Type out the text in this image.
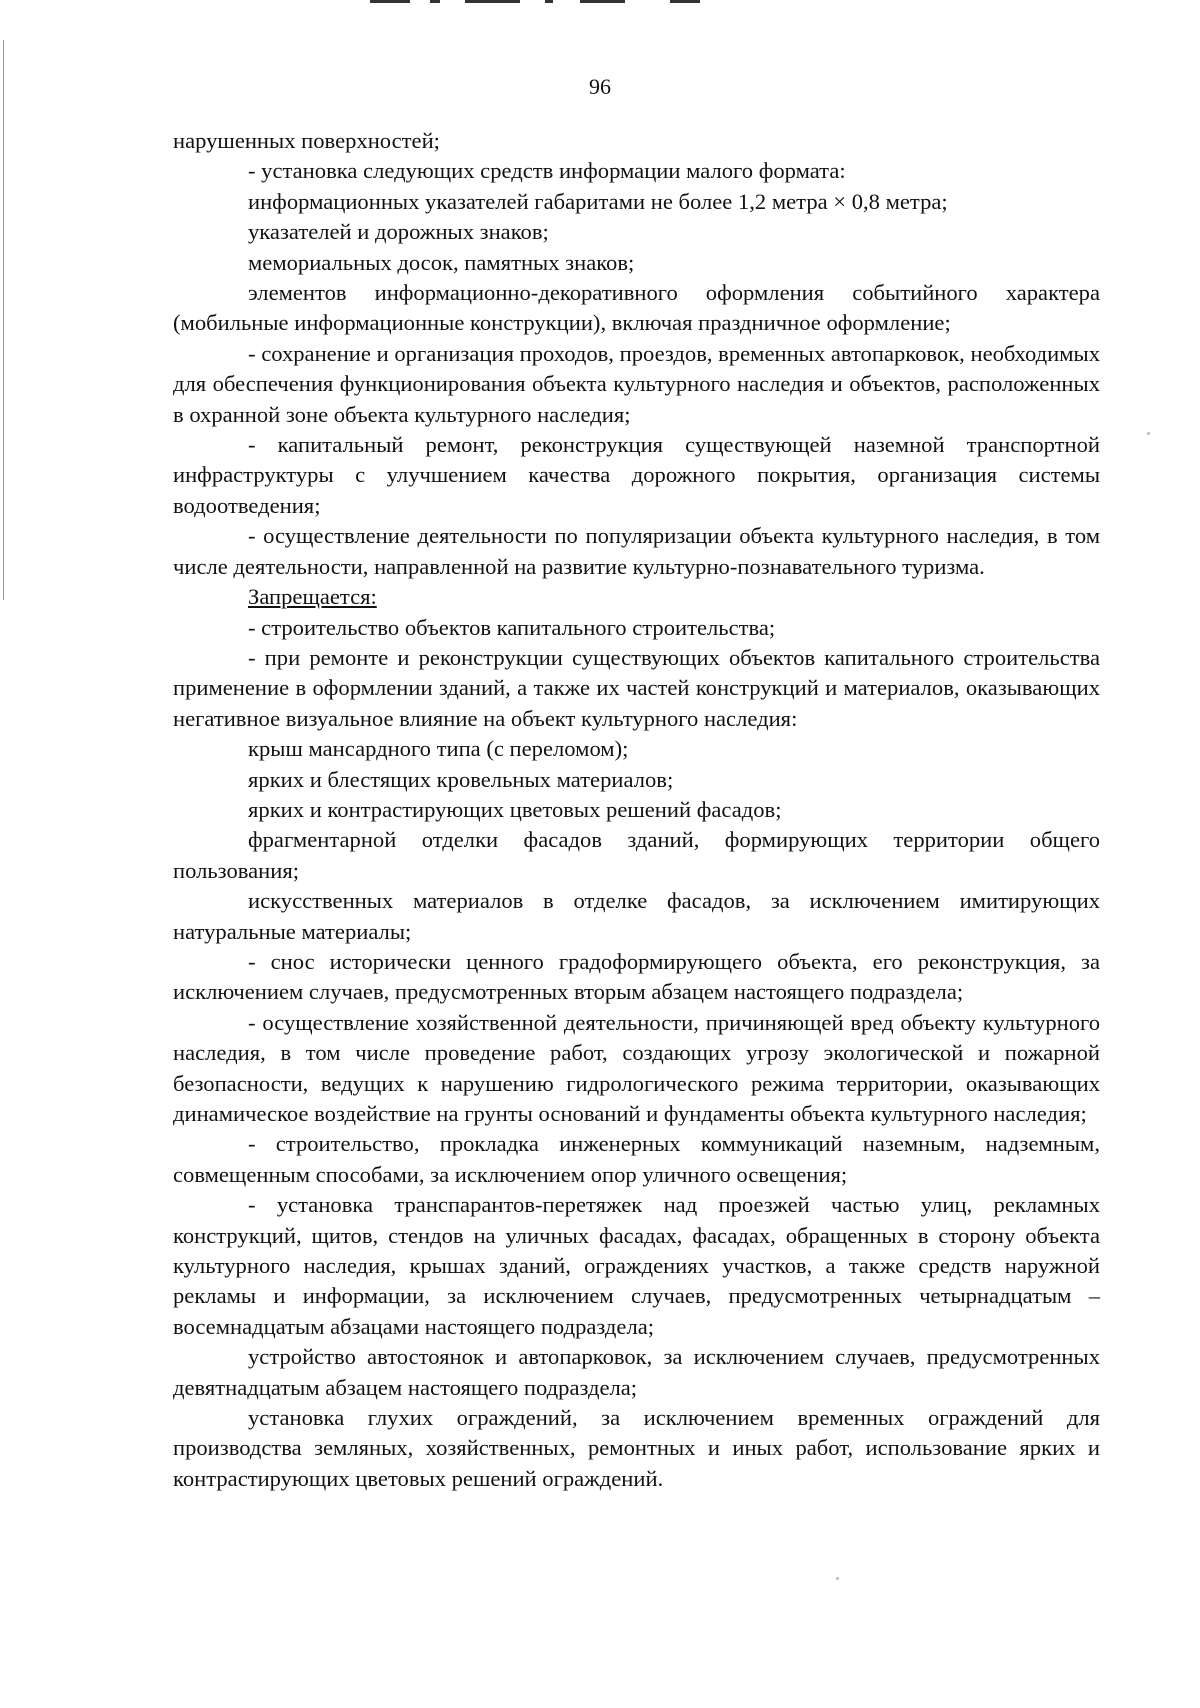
96

нарушенных поверхностей;

- установка следующих средств информации малого формата:

информационных указателей габаритами не более 1,2 метра × 0,8 метра;

указателей и дорожных знаков;

мемориальных досок, памятных знаков;

элементов информационно-декоративного оформления событийного характера (мобильные информационные конструкции), включая праздничное оформление;

- сохранение и организация проходов, проездов, временных автопарковок, необходимых для обеспечения функционирования объекта культурного наследия и объектов, расположенных в охранной зоне объекта культурного наследия;

- капитальный ремонт, реконструкция существующей наземной транспортной инфраструктуры с улучшением качества дорожного покрытия, организация системы водоотведения;

- осуществление деятельности по популяризации объекта культурного наследия, в том числе деятельности, направленной на развитие культурно-познавательного туризма.

Запрещается:

- строительство объектов капитального строительства;

- при ремонте и реконструкции существующих объектов капитального строительства применение в оформлении зданий, а также их частей конструкций и материалов, оказывающих негативное визуальное влияние на объект культурного наследия:

крыш мансардного типа (с переломом);

ярких и блестящих кровельных материалов;

ярких и контрастирующих цветовых решений фасадов;

фрагментарной отделки фасадов зданий, формирующих территории общего пользования;

искусственных материалов в отделке фасадов, за исключением имитирующих натуральные материалы;

- снос исторически ценного градоформирующего объекта, его реконструкция, за исключением случаев, предусмотренных вторым абзацем настоящего подраздела;

- осуществление хозяйственной деятельности, причиняющей вред объекту культурного наследия, в том числе проведение работ, создающих угрозу экологической и пожарной безопасности, ведущих к нарушению гидрологического режима территории, оказывающих динамическое воздействие на грунты оснований и фундаменты объекта культурного наследия;

- строительство, прокладка инженерных коммуникаций наземным, надземным, совмещенным способами, за исключением опор уличного освещения;

- установка транспарантов-перетяжек над проезжей частью улиц, рекламных конструкций, щитов, стендов на уличных фасадах, фасадах, обращенных в сторону объекта культурного наследия, крышах зданий, ограждениях участков, а также средств наружной рекламы и информации, за исключением случаев, предусмотренных четырнадцатым – восемнадцатым абзацами настоящего подраздела;

устройство автостоянок и автопарковок, за исключением случаев, предусмотренных девятнадцатым абзацем настоящего подраздела;

установка глухих ограждений, за исключением временных ограждений для производства земляных, хозяйственных, ремонтных и иных работ, использование ярких и контрастирующих цветовых решений ограждений.
